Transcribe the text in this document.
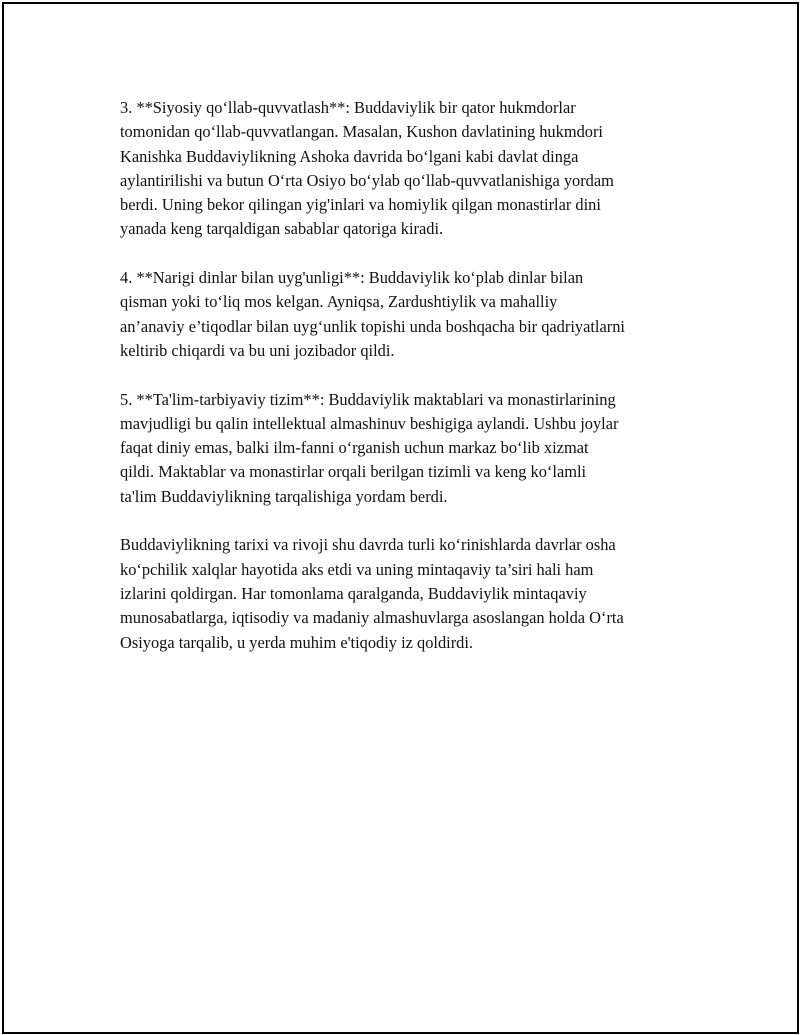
3. **Siyosiy qo‘llab-quvvatlash**: Buddaviylik bir qator hukmdorlar
tomonidan qo‘llab-quvvatlangan. Masalan, Kushon davlatining hukmdori
Kanishka Buddaviylikning Ashoka davrida bo‘lgani kabi davlat dinga
aylantirilishi va butun O‘rta Osiyo bo‘ylab qo‘llab-quvvatlanishiga yordam
berdi. Uning bekor qilingan yig'inlari va homiylik qilgan monastirlar dini
yanada keng tarqaldigan sabablar qatoriga kiradi.

4. **Narigi dinlar bilan uyg'unligi**: Buddaviylik ko‘plab dinlar bilan
qisman yoki to‘liq mos kelgan. Ayniqsa, Zardushtiylik va mahalliy
an’anaviy e’tiqodlar bilan uyg‘unlik topishi unda boshqacha bir qadriyatlarni
keltirib chiqardi va bu uni jozibador qildi.

5. **Ta'lim-tarbiyaviy tizim**: Buddaviylik maktablari va monastirlarining
mavjudligi bu qalin intellektual almashinuv beshigiga aylandi. Ushbu joylar
faqat diniy emas, balki ilm-fanni o‘rganish uchun markaz bo‘lib xizmat
qildi. Maktablar va monastirlar orqali berilgan tizimli va keng ko‘lamli
ta'lim Buddaviylikning tarqalishiga yordam berdi.

Buddaviylikning tarixi va rivoji shu davrda turli ko‘rinishlarda davrlar osha
ko‘pchilik xalqlar hayotida aks etdi va uning mintaqaviy ta’siri hali ham
izlarini qoldirgan. Har tomonlama qaralganda, Buddaviylik mintaqaviy
munosabatlarga, iqtisodiy va madaniy almashuvlarga asoslangan holda O‘rta
Osiyoga tarqalib, u yerda muhim e'tiqodiy iz qoldirdi.
